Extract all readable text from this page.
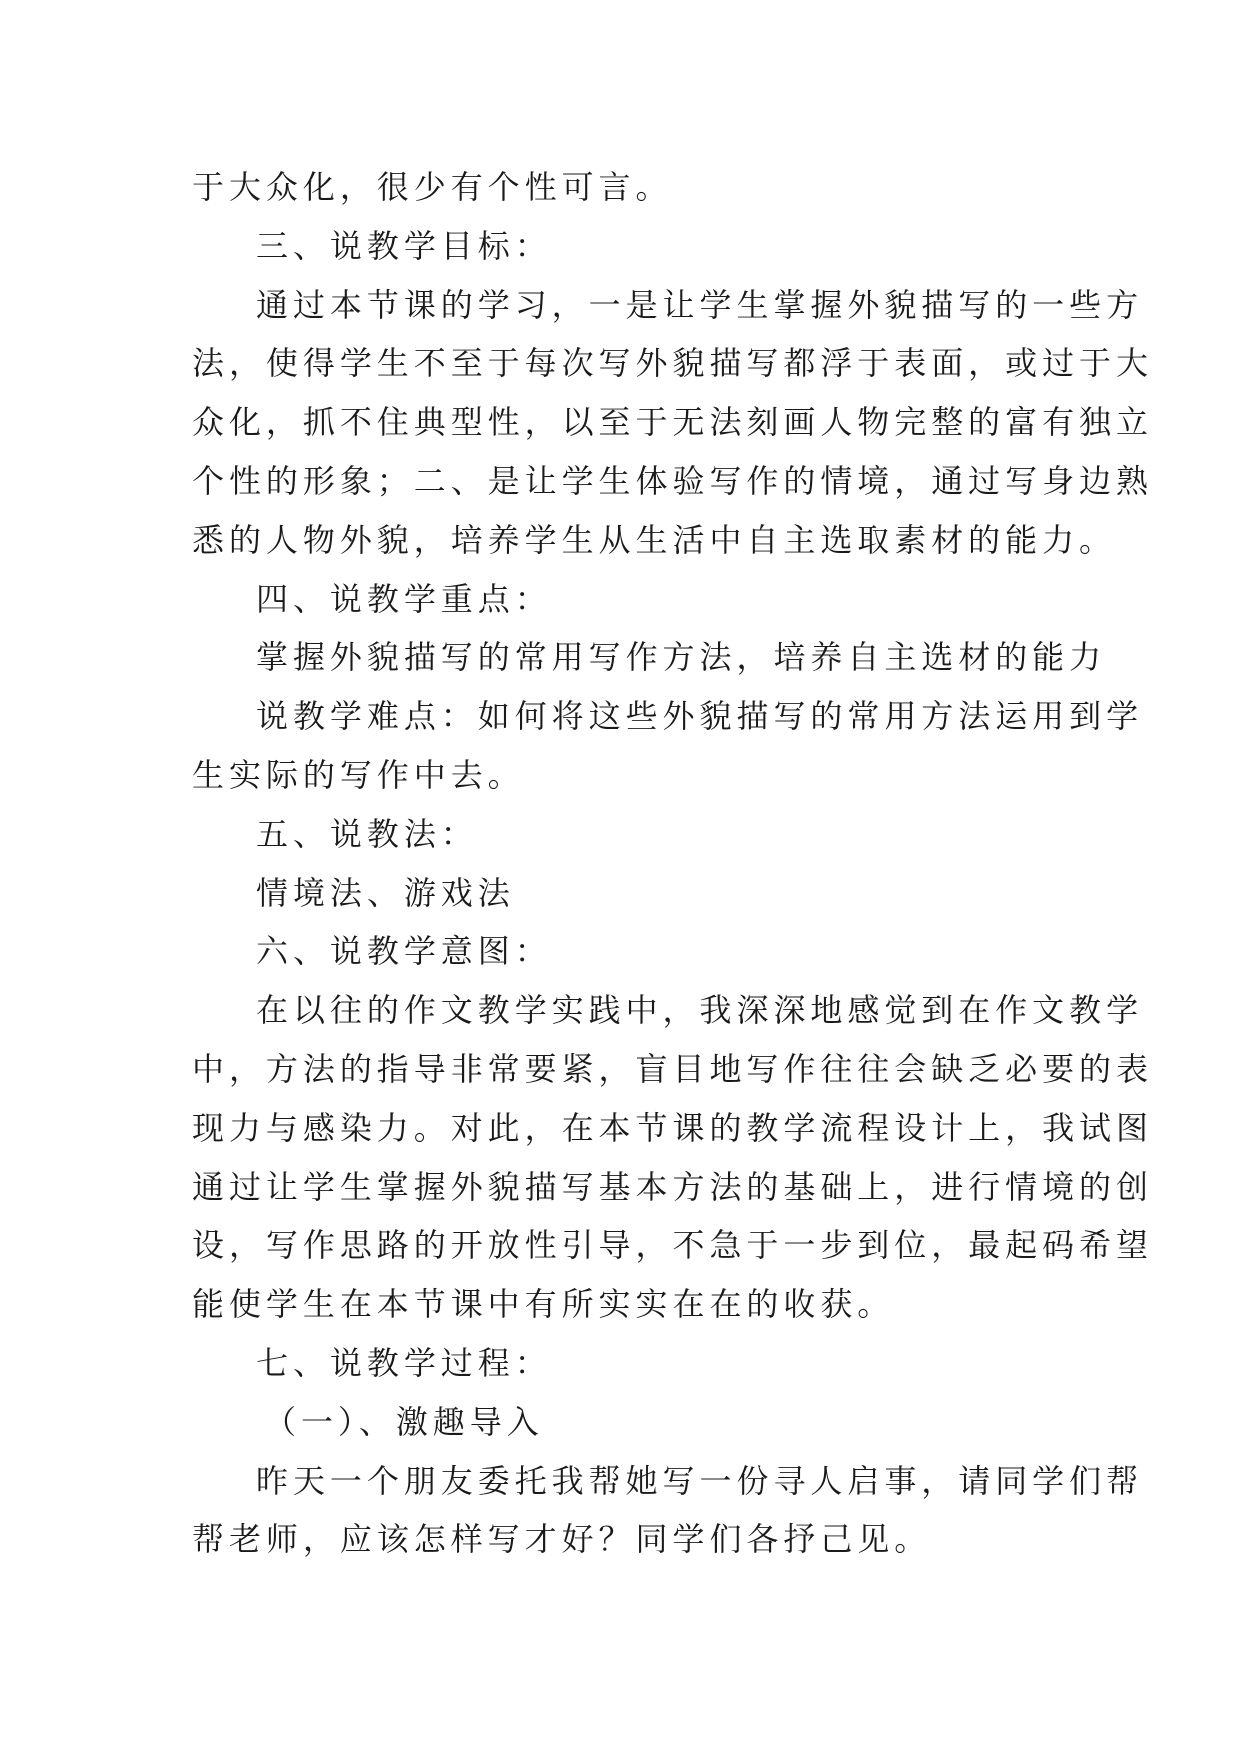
于大众化，很少有个性可言。

三、说教学目标：

通过本节课的学习，一是让学生掌握外貌描写的一些方

法，使得学生不至于每次写外貌描写都浮于表面，或过于大

众化，抓不住典型性，以至于无法刻画人物完整的富有独立

个性的形象；二、是让学生体验写作的情境，通过写身边熟

悉的人物外貌，培养学生从生活中自主选取素材的能力。

四、说教学重点：

掌握外貌描写的常用写作方法，培养自主选材的能力

说教学难点：如何将这些外貌描写的常用方法运用到学

生实际的写作中去。

五、说教法：

情境法、游戏法

六、说教学意图：

在以往的作文教学实践中，我深深地感觉到在作文教学

中，方法的指导非常要紧，盲目地写作往往会缺乏必要的表

现力与感染力。对此，在本节课的教学流程设计上，我试图

通过让学生掌握外貌描写基本方法的基础上，进行情境的创

设，写作思路的开放性引导，不急于一步到位，最起码希望

能使学生在本节课中有所实实在在的收获。

七、说教学过程：

（一）、激趣导入

昨天一个朋友委托我帮她写一份寻人启事，请同学们帮

帮老师，应该怎样写才好？同学们各抒己见。
